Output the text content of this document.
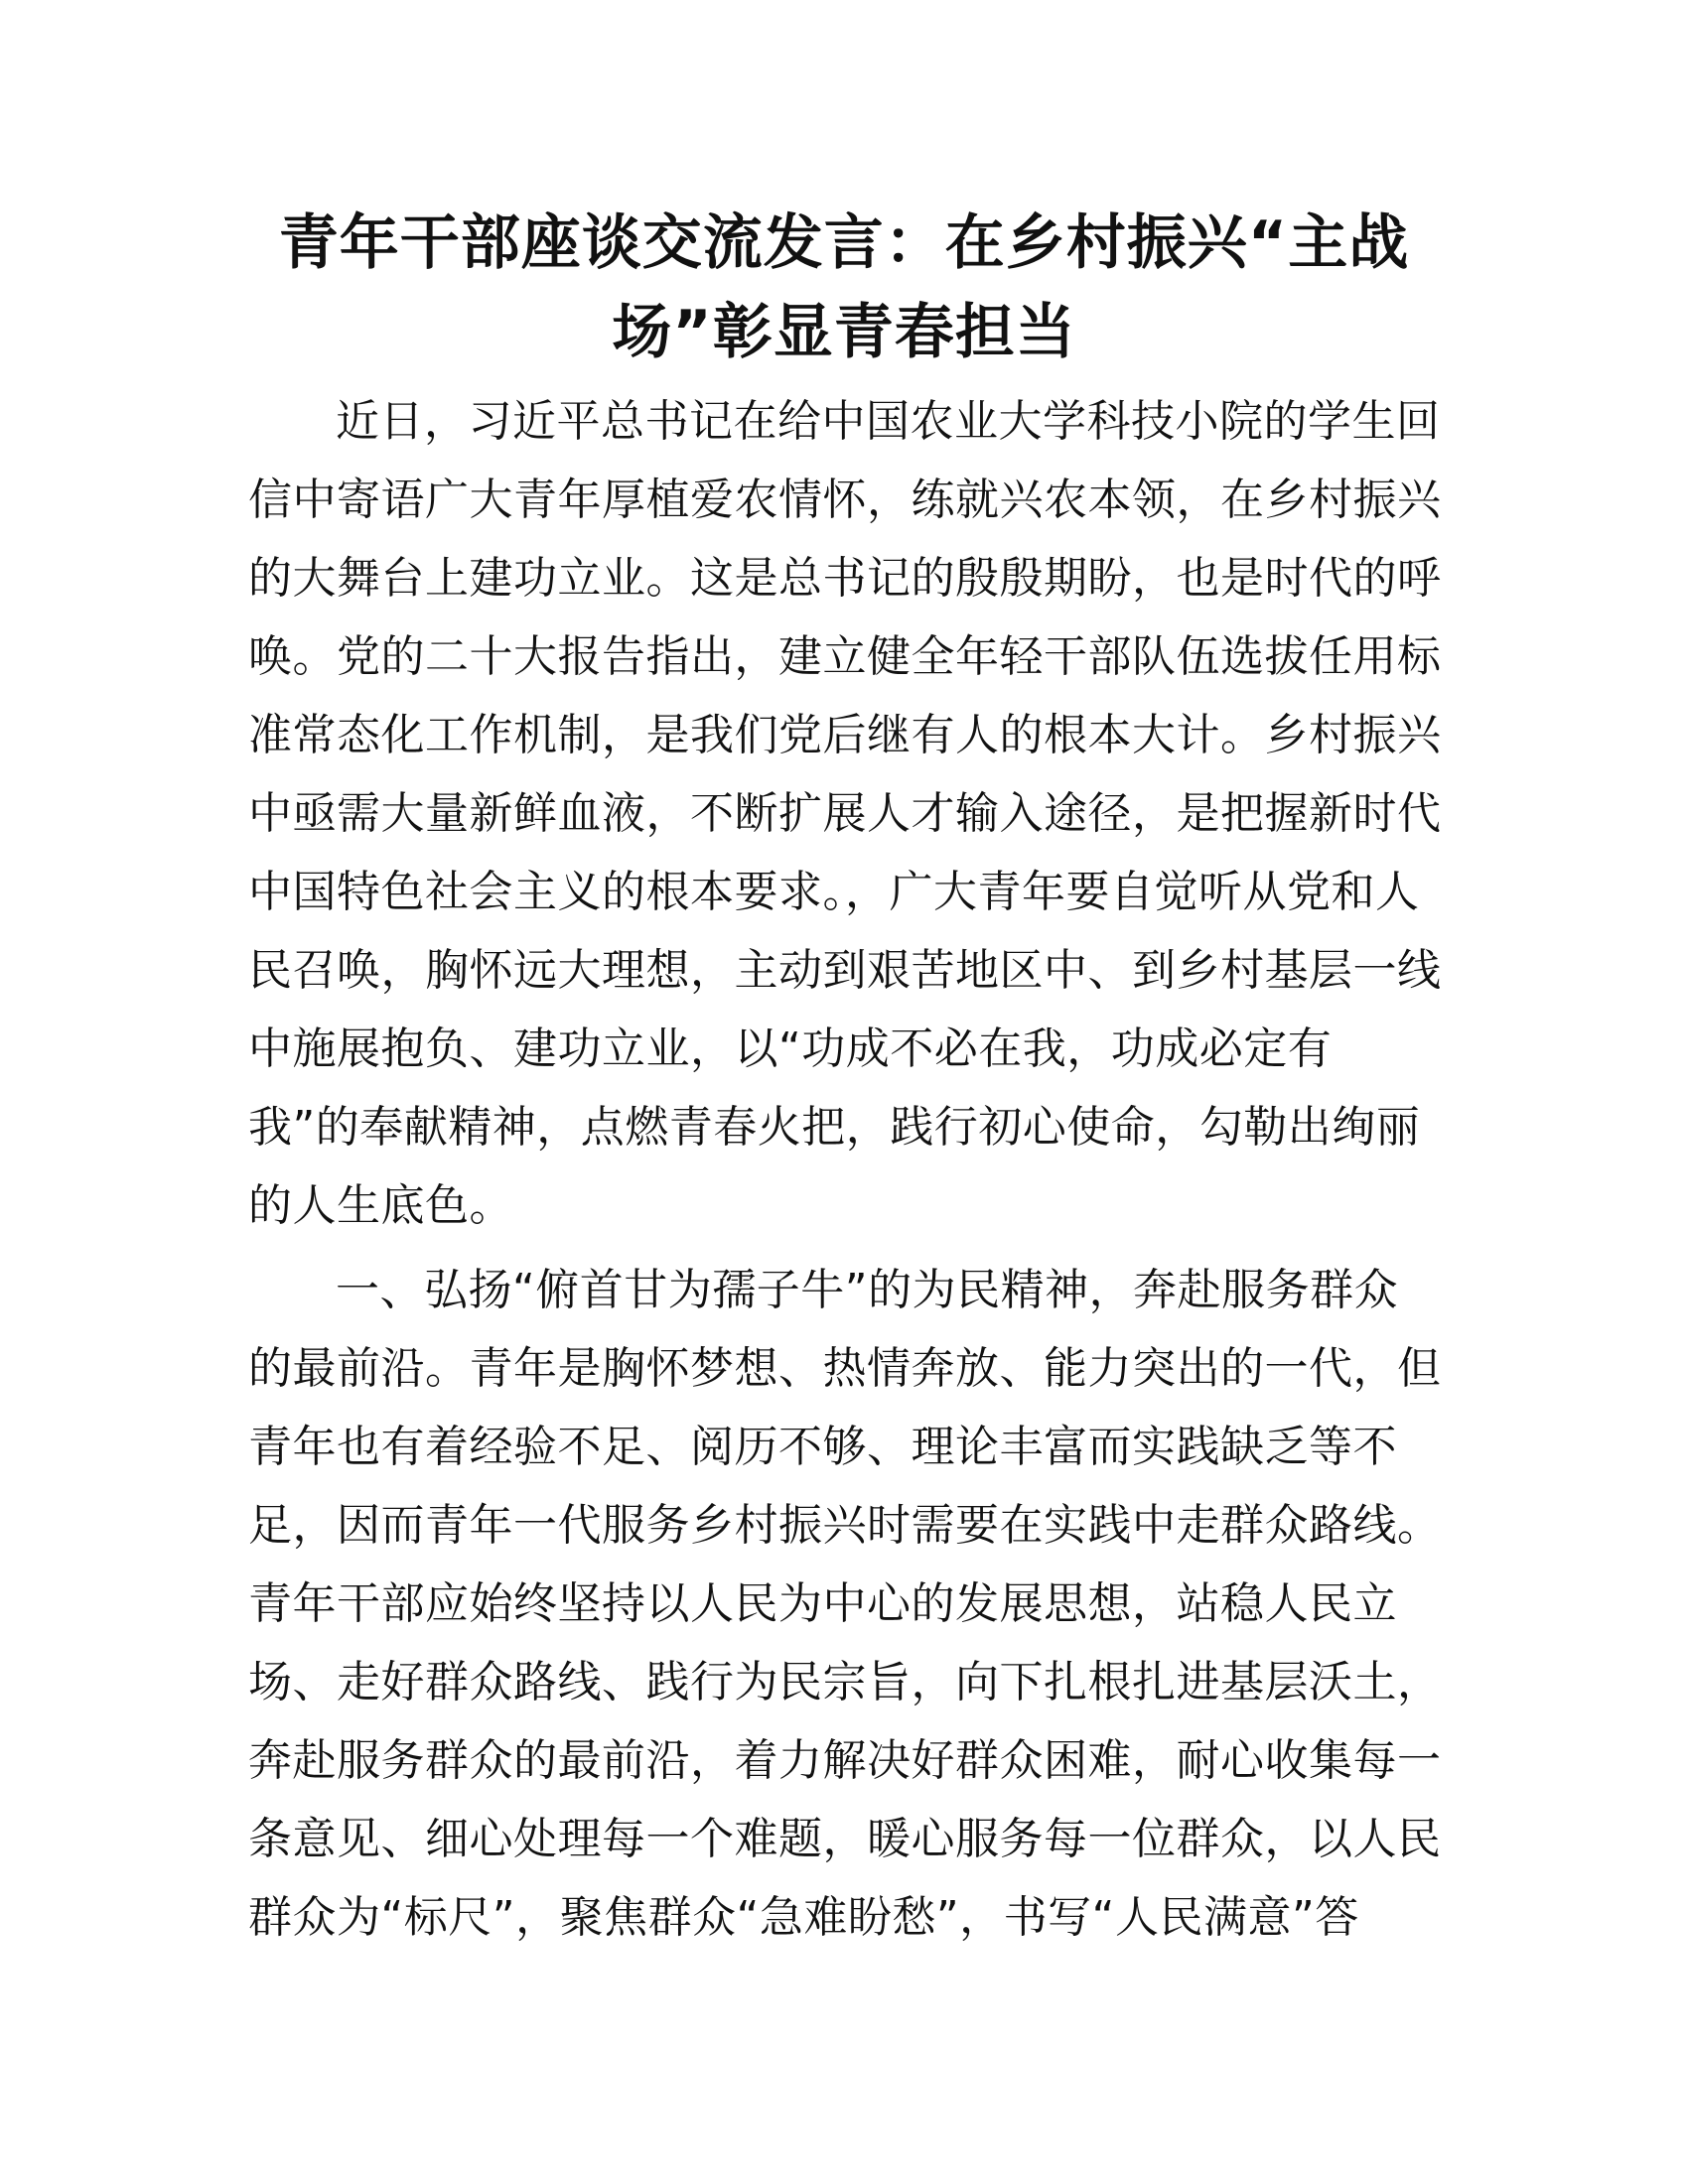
青年干部座谈交流发言：在乡村振兴“主战
场”彰显青春担当

近日，习近平总书记在给中国农业大学科技小院的学生回
信中寄语广大青年厚植爱农情怀，练就兴农本领，在乡村振兴
的大舞台上建功立业。这是总书记的殷殷期盼，也是时代的呼
唤。党的二十大报告指出，建立健全年轻干部队伍选拔任用标
准常态化工作机制，是我们党后继有人的根本大计。乡村振兴
中亟需大量新鲜血液，不断扩展人才输入途径，是把握新时代
中国特色社会主义的根本要求。，广大青年要自觉听从党和人
民召唤，胸怀远大理想，主动到艰苦地区中、到乡村基层一线
中施展抱负、建功立业，以“功成不必在我，功成必定有
我”的奉献精神，点燃青春火把，践行初心使命，勾勒出绚丽
的人生底色。

一、弘扬“俯首甘为孺子牛”的为民精神，奔赴服务群众
的最前沿。青年是胸怀梦想、热情奔放、能力突出的一代，但
青年也有着经验不足、阅历不够、理论丰富而实践缺乏等不
足，因而青年一代服务乡村振兴时需要在实践中走群众路线。
青年干部应始终坚持以人民为中心的发展思想，站稳人民立
场、走好群众路线、践行为民宗旨，向下扎根扎进基层沃土，
奔赴服务群众的最前沿，着力解决好群众困难，耐心收集每一
条意见、细心处理每一个难题，暖心服务每一位群众，以人民
群众为“标尺”，聚焦群众“急难盼愁”，书写“人民满意”答
